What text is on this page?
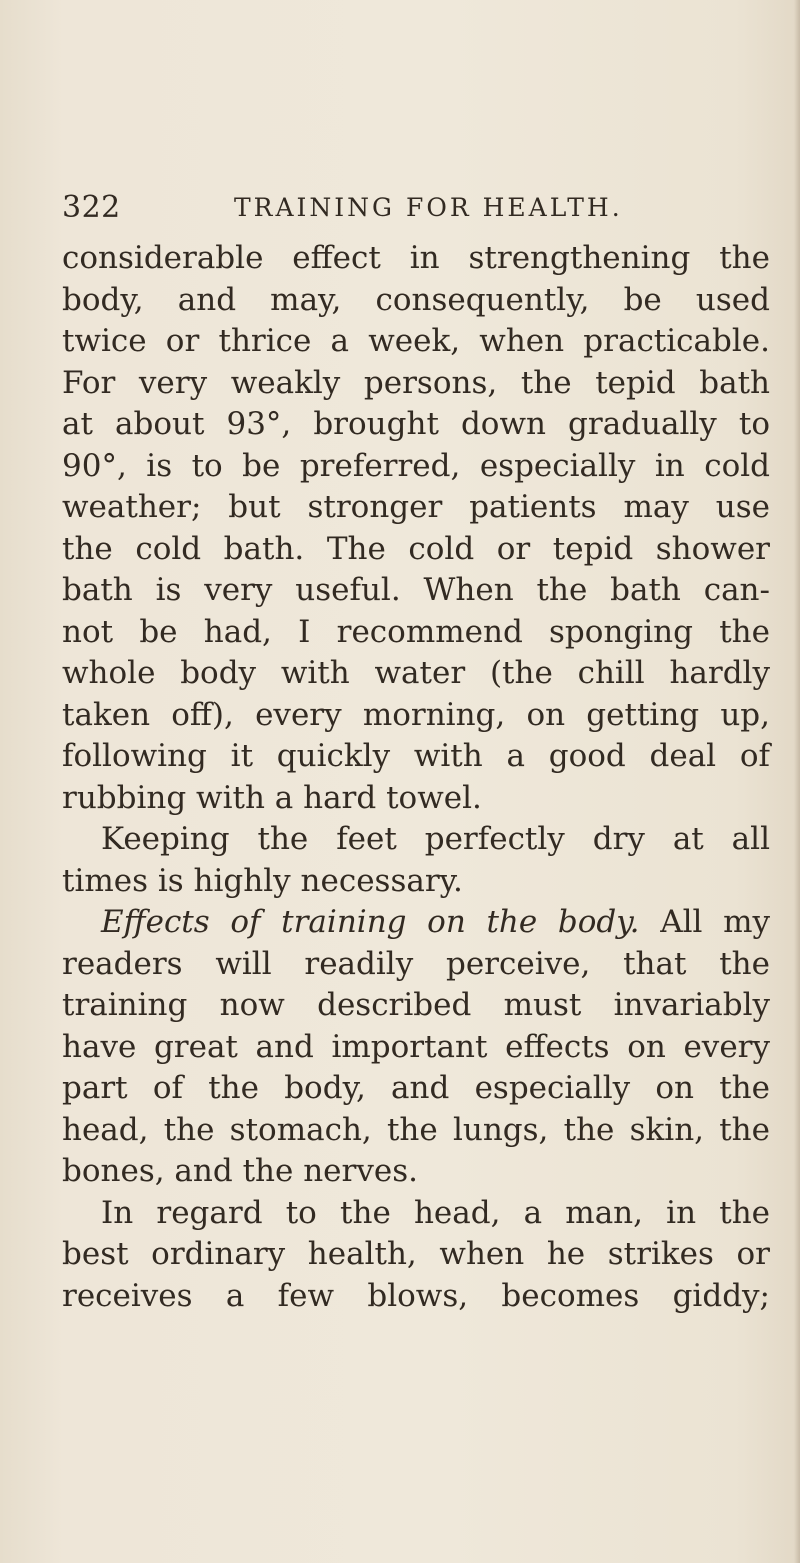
322	TRAINING FOR HEALTH.
considerable effect in strengthening the
body, and may, consequently, be used
twice or thrice a week, when practicable.
For very weakly persons, the tepid bath
at about 93°, brought down gradually to
90°, is to be preferred, especially in cold
weather; but stronger patients may use
the cold bath. The cold or tepid shower
bath is very useful. When the bath can-
not be had, I recommend sponging the
whole body with water (the chill hardly
taken off), every morning, on getting up,
following it quickly with a good deal of
rubbing with a hard towel.
Keeping the feet perfectly dry at all
times is highly necessary.
Effects of training on the body. All my
readers will readily perceive, that the
training now described must invariably
have great and important effects on every
part of the body, and especially on the
head, the stomach, the lungs, the skin, the
bones, and the nerves.
In regard to the head, a man, in the
best ordinary health, when he strikes or
receives a few blows, becomes giddy;
